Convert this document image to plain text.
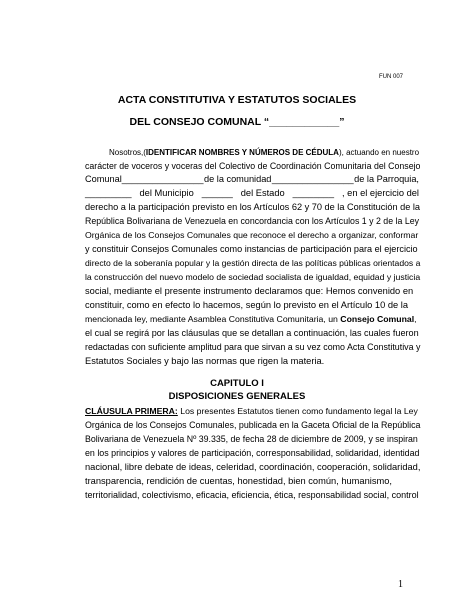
FUN 007
ACTA CONSTITUTIVA Y ESTATUTOS SOCIALES
DEL CONSEJO COMUNAL “____________”
Nosotros,(IDENTIFICAR NOMBRES Y NÚMEROS DE CÉDULA), actuando en nuestro
carácter de voceros y voceras del Colectivo de Coordinación Comunitaria del Consejo
Comunal________________ de la comunidad ________________ de la Parroquia,
_________ del Municipio ______ del Estado ________ , en el ejercicio del
derecho a la participación previsto en los Artículos 62 y 70 de la Constitución de la
República Bolivariana de Venezuela en concordancia con los Artículos 1 y 2 de la Ley
Orgánica de los Consejos Comunales que reconoce el derecho a organizar, conformar
y constituir Consejos Comunales como instancias de participación para el ejercicio
directo de la soberanía popular y la gestión directa de las políticas públicas orientados a
la construcción del nuevo modelo de sociedad socialista de igualdad, equidad y justicia
social, mediante el presente instrumento declaramos que: Hemos convenido en
constituir, como en efecto lo hacemos, según lo previsto en el Artículo 10 de la
mencionada ley, mediante Asamblea Constitutiva Comunitaria, un Consejo Comunal,
el cual se regirá por las cláusulas que se detallan a continuación, las cuales fueron
redactadas con suficiente amplitud para que sirvan a su vez como Acta Constitutiva y
Estatutos Sociales y bajo las normas que rigen la materia.
CAPITULO I
DISPOSICIONES GENERALES
CLÁUSULA PRIMERA: Los presentes Estatutos tienen como fundamento legal la Ley
Orgánica de los Consejos Comunales, publicada en la Gaceta Oficial de la República
Bolivariana de Venezuela Nº 39.335, de fecha 28 de diciembre de 2009, y se inspiran
en los principios y valores de participación, corresponsabilidad, solidaridad, identidad
nacional, libre debate de ideas, celeridad, coordinación, cooperación, solidaridad,
transparencia, rendición de cuentas, honestidad, bien común, humanismo,
territorialidad, colectivismo, eficacia, eficiencia, ética, responsabilidad social, control
1
